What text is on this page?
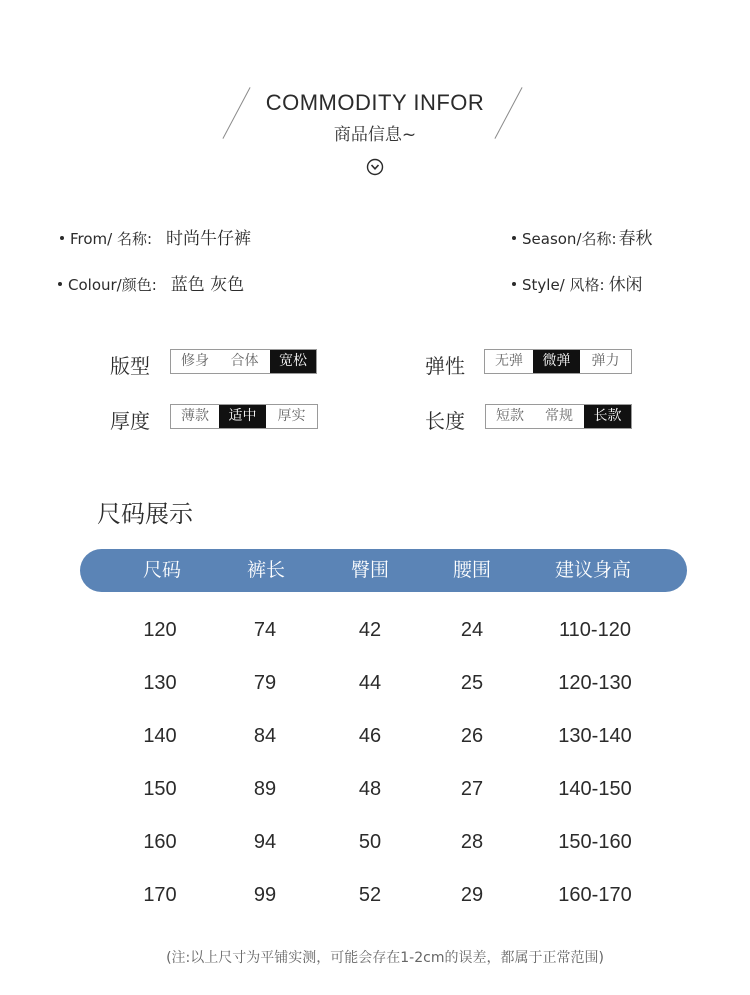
COMMODITY INFOR
商品信息~
From/ 名称: 时尚牛仔裤	Season/名称: 春秋
Colour/颜色: 蓝色 灰色	Style/ 风格: 休闲
版型	修身	合体	宽松	弹性	无弹	微弹	弹力
厚度	薄款	适中	厚实	长度	短款	常规	长款
尺码展示
尺码	裤长	臀围	腰围	建议身高
120	74	42	24	110-120
130	79	44	25	120-130
140	84	46	26	130-140
150	89	48	27	140-150
160	94	50	28	150-160
170	99	52	29	160-170
(注:以上尺寸为平铺实测，可能会存在1-2cm的误差，都属于正常范围)
